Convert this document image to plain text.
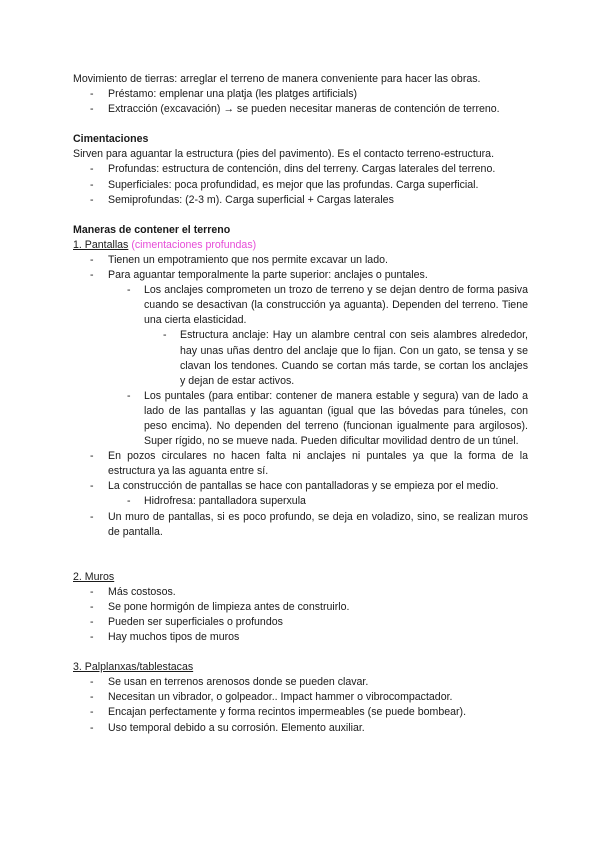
Movimiento de tierras: arreglar el terreno de manera conveniente para hacer las obras.

- Préstamo: emplenar una platja (les platges artificials)
- Extracción (excavación) → se pueden necesitar maneras de contención de terreno.

Cimentaciones

Sirven para aguantar la estructura (pies del pavimento). Es el contacto terreno-estructura.

- Profundas: estructura de contención, dins del terreny. Cargas laterales del terreno.
- Superficiales: poca profundidad, es mejor que las profundas. Carga superficial.
- Semiprofundas: (2-3 m). Carga superficial + Cargas laterales

Maneras de contener el terreno

1. Pantallas (cimentaciones profundas)

- Tienen un empotramiento que nos permite excavar un lado.
- Para aguantar temporalmente la parte superior: anclajes o puntales.
- Los anclajes comprometen un trozo de terreno y se dejan dentro de forma pasiva cuando se desactivan (la construcción ya aguanta). Dependen del terreno. Tiene una cierta elasticidad.
- Estructura anclaje: Hay un alambre central con seis alambres alrededor, hay unas uñas dentro del anclaje que lo fijan. Con un gato, se tensa y se clavan los tendones. Cuando se cortan más tarde, se cortan los anclajes y dejan de estar activos.
- Los puntales (para entibar: contener de manera estable y segura) van de lado a lado de las pantallas y las aguantan (igual que las bóvedas para túneles, con peso encima). No dependen del terreno (funcionan igualmente para argilosos). Super rígido, no se mueve nada. Pueden dificultar movilidad dentro de un túnel.
- En pozos circulares no hacen falta ni anclajes ni puntales ya que la forma de la estructura ya las aguanta entre sí.
- La construcción de pantallas se hace con pantalladoras y se empieza por el medio.
- Hidrofresa: pantalladora superxula
- Un muro de pantallas, si es poco profundo, se deja en voladizo, sino, se realizan muros de pantalla.

2. Muros

- Más costosos.
- Se pone hormigón de limpieza antes de construirlo.
- Pueden ser superficiales o profundos
- Hay muchos tipos de muros

3. Palplanxas/tablestacas

- Se usan en terrenos arenosos donde se pueden clavar.
- Necesitan un vibrador, o golpeador.. Impact hammer o vibrocompactador.
- Encajan perfectamente y forma recintos impermeables (se puede bombear).
- Uso temporal debido a su corrosión. Elemento auxiliar.
